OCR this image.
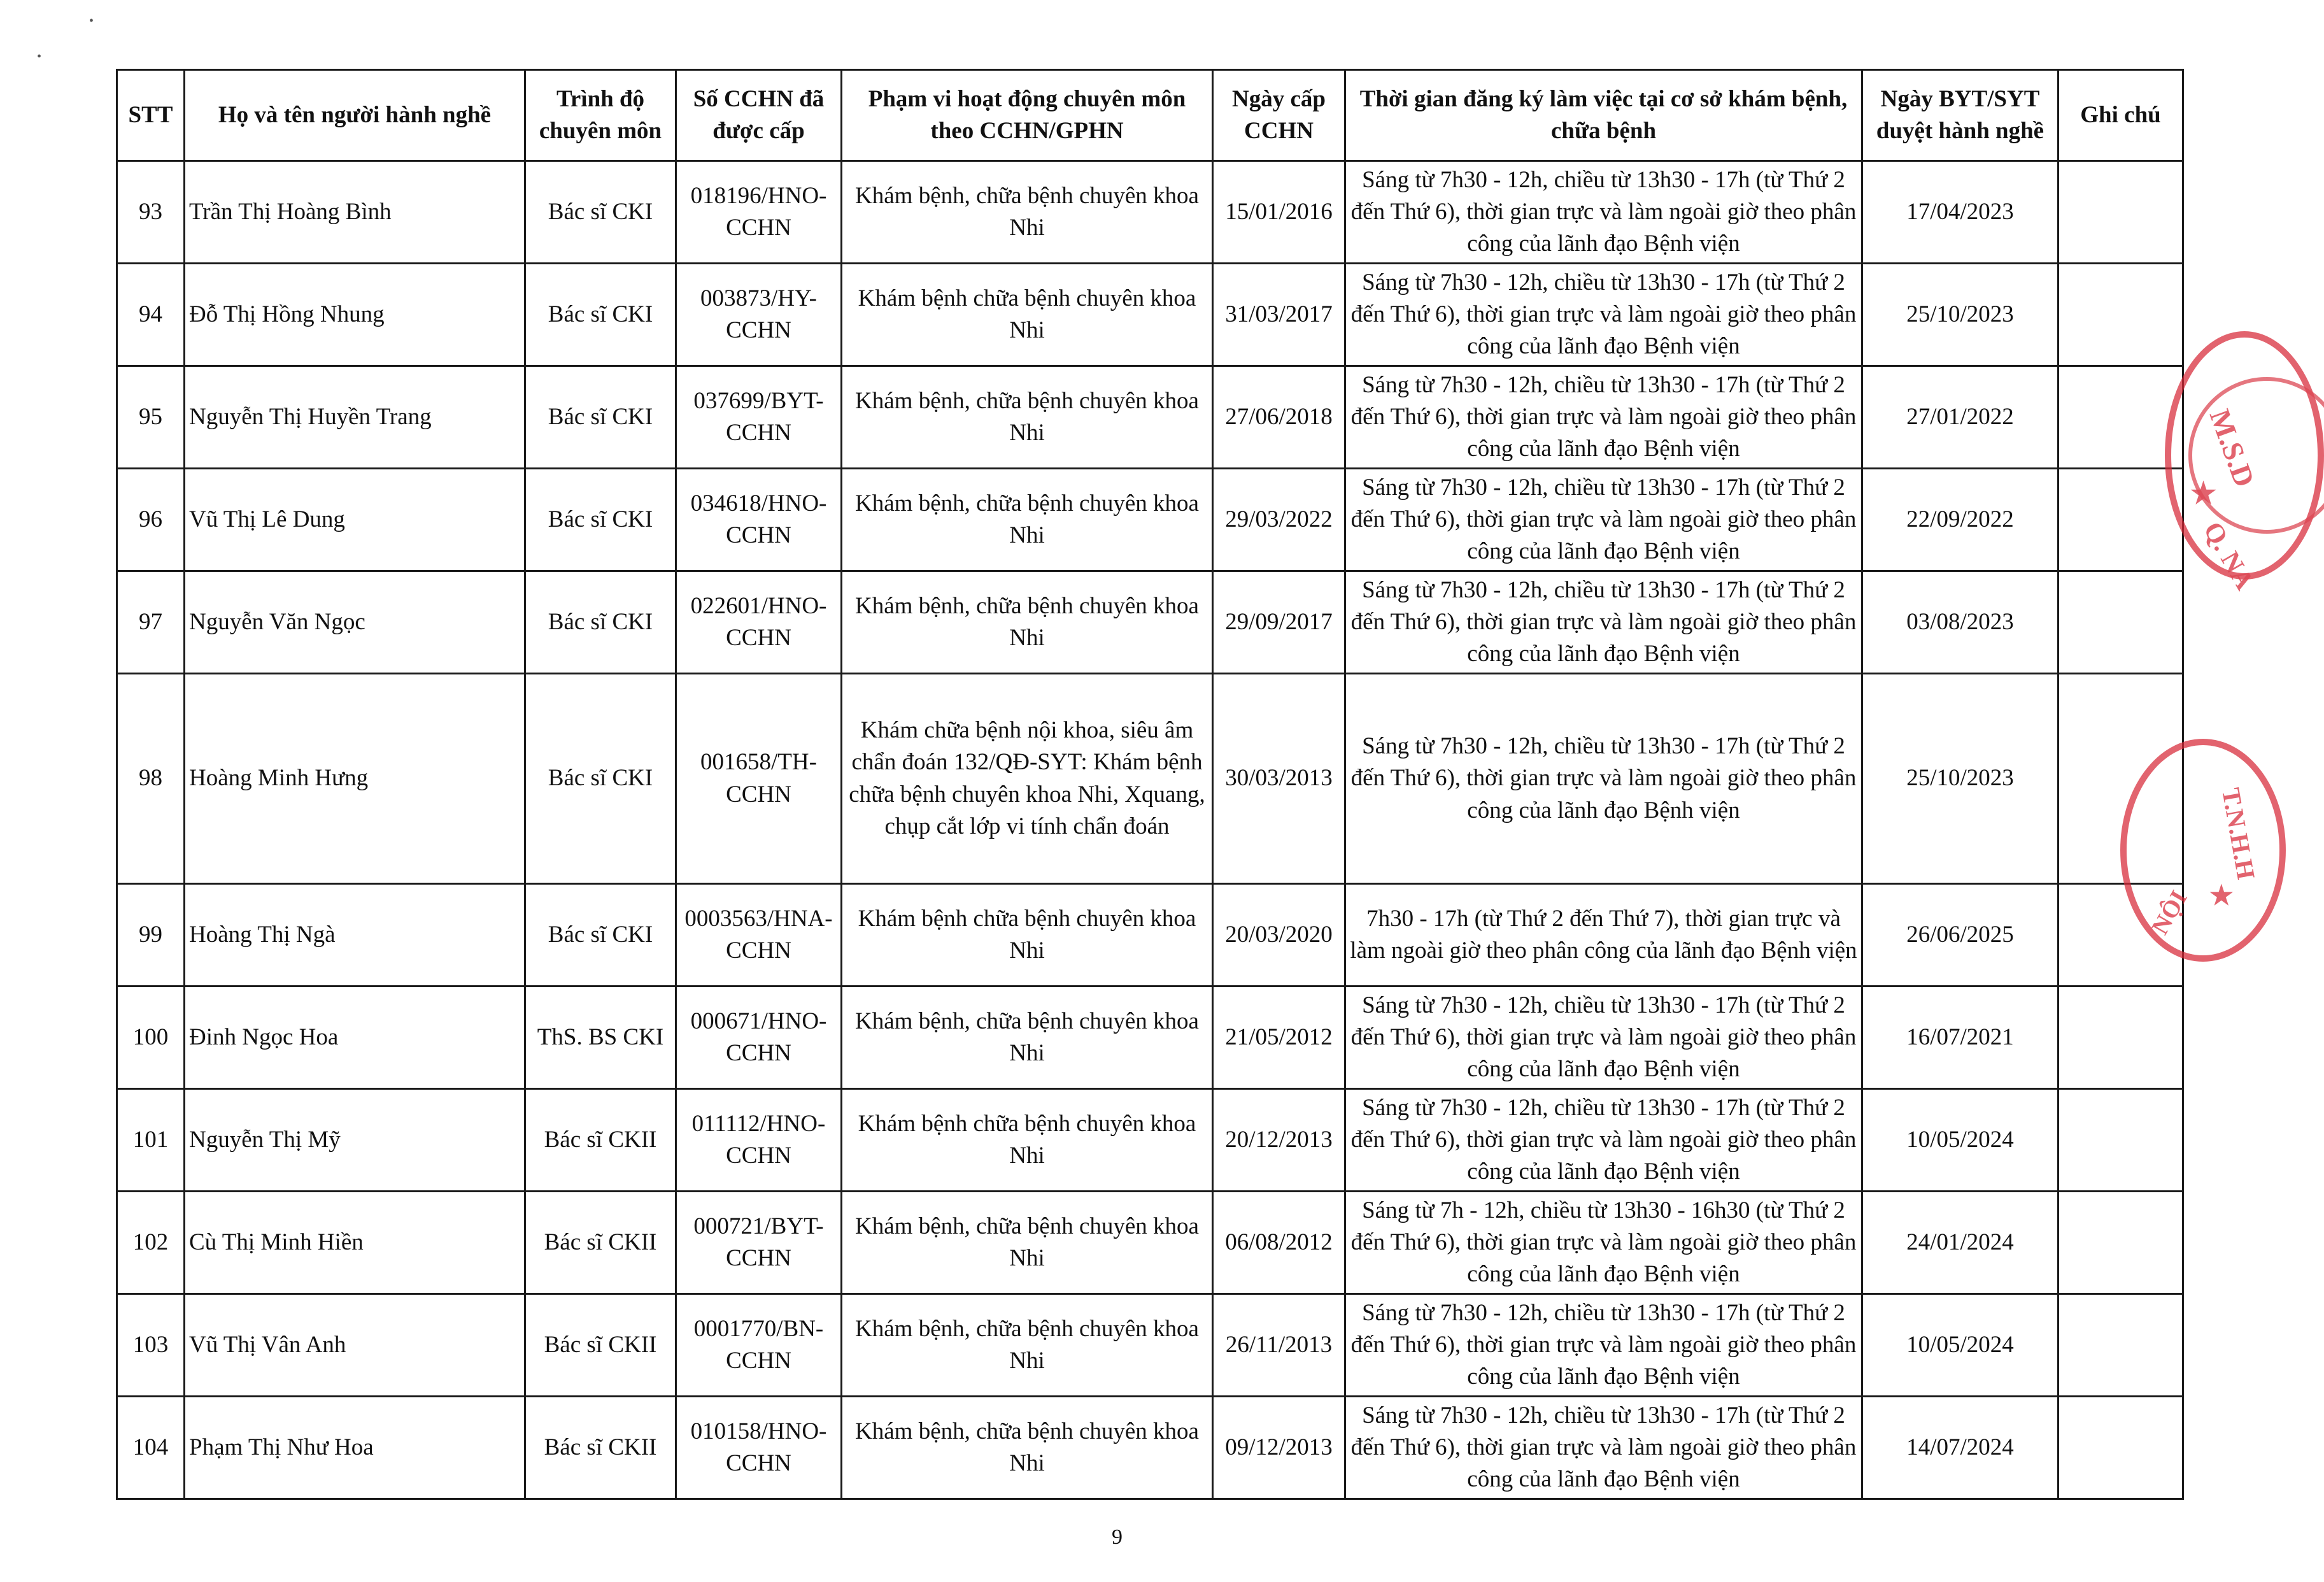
•
•
STT	Họ và tên người hành nghề	Trình độ chuyên môn	Số CCHN đã được cấp	Phạm vi hoạt động chuyên môn theo CCHN/GPHN	Ngày cấp CCHN	Thời gian đăng ký làm việc tại cơ sở khám bệnh, chữa bệnh	Ngày BYT/SYT duyệt hành nghề	Ghi chú
93	Trần Thị Hoàng Bình	Bác sĩ CKI	018196/HNO-CCHN	Khám bệnh, chữa bệnh chuyên khoa Nhi	15/01/2016	Sáng từ 7h30 - 12h, chiều từ 13h30 - 17h (từ Thứ 2 đến Thứ 6), thời gian trực và làm ngoài giờ theo phân công của lãnh đạo Bệnh viện	17/04/2023	
94	Đỗ Thị Hồng Nhung	Bác sĩ CKI	003873/HY-CCHN	Khám bệnh chữa bệnh chuyên khoa Nhi	31/03/2017	Sáng từ 7h30 - 12h, chiều từ 13h30 - 17h (từ Thứ 2 đến Thứ 6), thời gian trực và làm ngoài giờ theo phân công của lãnh đạo Bệnh viện	25/10/2023	
95	Nguyễn Thị Huyền Trang	Bác sĩ CKI	037699/BYT-CCHN	Khám bệnh, chữa bệnh chuyên khoa Nhi	27/06/2018	Sáng từ 7h30 - 12h, chiều từ 13h30 - 17h (từ Thứ 2 đến Thứ 6), thời gian trực và làm ngoài giờ theo phân công của lãnh đạo Bệnh viện	27/01/2022	
96	Vũ Thị Lê Dung	Bác sĩ CKI	034618/HNO-CCHN	Khám bệnh, chữa bệnh chuyên khoa Nhi	29/03/2022	Sáng từ 7h30 - 12h, chiều từ 13h30 - 17h (từ Thứ 2 đến Thứ 6), thời gian trực và làm ngoài giờ theo phân công của lãnh đạo Bệnh viện	22/09/2022	
97	Nguyễn Văn Ngọc	Bác sĩ CKI	022601/HNO-CCHN	Khám bệnh, chữa bệnh chuyên khoa Nhi	29/09/2017	Sáng từ 7h30 - 12h, chiều từ 13h30 - 17h (từ Thứ 2 đến Thứ 6), thời gian trực và làm ngoài giờ theo phân công của lãnh đạo Bệnh viện	03/08/2023	
98	Hoàng Minh Hưng	Bác sĩ CKI	001658/TH-CCHN	Khám chữa bệnh nội khoa, siêu âm chẩn đoán 132/QĐ-SYT: Khám bệnh chữa bệnh chuyên khoa Nhi, Xquang, chụp cắt lớp vi tính chẩn đoán	30/03/2013	Sáng từ 7h30 - 12h, chiều từ 13h30 - 17h (từ Thứ 2 đến Thứ 6), thời gian trực và làm ngoài giờ theo phân công của lãnh đạo Bệnh viện	25/10/2023	
99	Hoàng Thị Ngà	Bác sĩ CKI	0003563/HNA-CCHN	Khám bệnh chữa bệnh chuyên khoa Nhi	20/03/2020	7h30 - 17h (từ Thứ 2 đến Thứ 7), thời gian trực và làm ngoài giờ theo phân công của lãnh đạo Bệnh viện	26/06/2025	
100	Đinh Ngọc Hoa	ThS. BS CKI	000671/HNO-CCHN	Khám bệnh, chữa bệnh chuyên khoa Nhi	21/05/2012	Sáng từ 7h30 - 12h, chiều từ 13h30 - 17h (từ Thứ 2 đến Thứ 6), thời gian trực và làm ngoài giờ theo phân công của lãnh đạo Bệnh viện	16/07/2021	
101	Nguyễn Thị Mỹ	Bác sĩ CKII	011112/HNO-CCHN	Khám bệnh chữa bệnh chuyên khoa Nhi	20/12/2013	Sáng từ 7h30 - 12h, chiều từ 13h30 - 17h (từ Thứ 2 đến Thứ 6), thời gian trực và làm ngoài giờ theo phân công của lãnh đạo Bệnh viện	10/05/2024	
102	Cù Thị Minh Hiền	Bác sĩ CKII	000721/BYT-CCHN	Khám bệnh, chữa bệnh chuyên khoa Nhi	06/08/2012	Sáng từ 7h - 12h, chiều từ 13h30 - 16h30 (từ Thứ 2 đến Thứ 6), thời gian trực và làm ngoài giờ theo phân công của lãnh đạo Bệnh viện	24/01/2024	
103	Vũ Thị Vân Anh	Bác sĩ CKII	0001770/BN-CCHN	Khám bệnh, chữa bệnh chuyên khoa Nhi	26/11/2013	Sáng từ 7h30 - 12h, chiều từ 13h30 - 17h (từ Thứ 2 đến Thứ 6), thời gian trực và làm ngoài giờ theo phân công của lãnh đạo Bệnh viện	10/05/2024	
104	Phạm Thị Như Hoa	Bác sĩ CKII	010158/HNO-CCHN	Khám bệnh, chữa bệnh chuyên khoa Nhi	09/12/2013	Sáng từ 7h30 - 12h, chiều từ 13h30 - 17h (từ Thứ 2 đến Thứ 6), thời gian trực và làm ngoài giờ theo phân công của lãnh đạo Bệnh viện	14/07/2024	
M.S.D
★
Q. NA
T.N.H.H
★
NỘI
9
